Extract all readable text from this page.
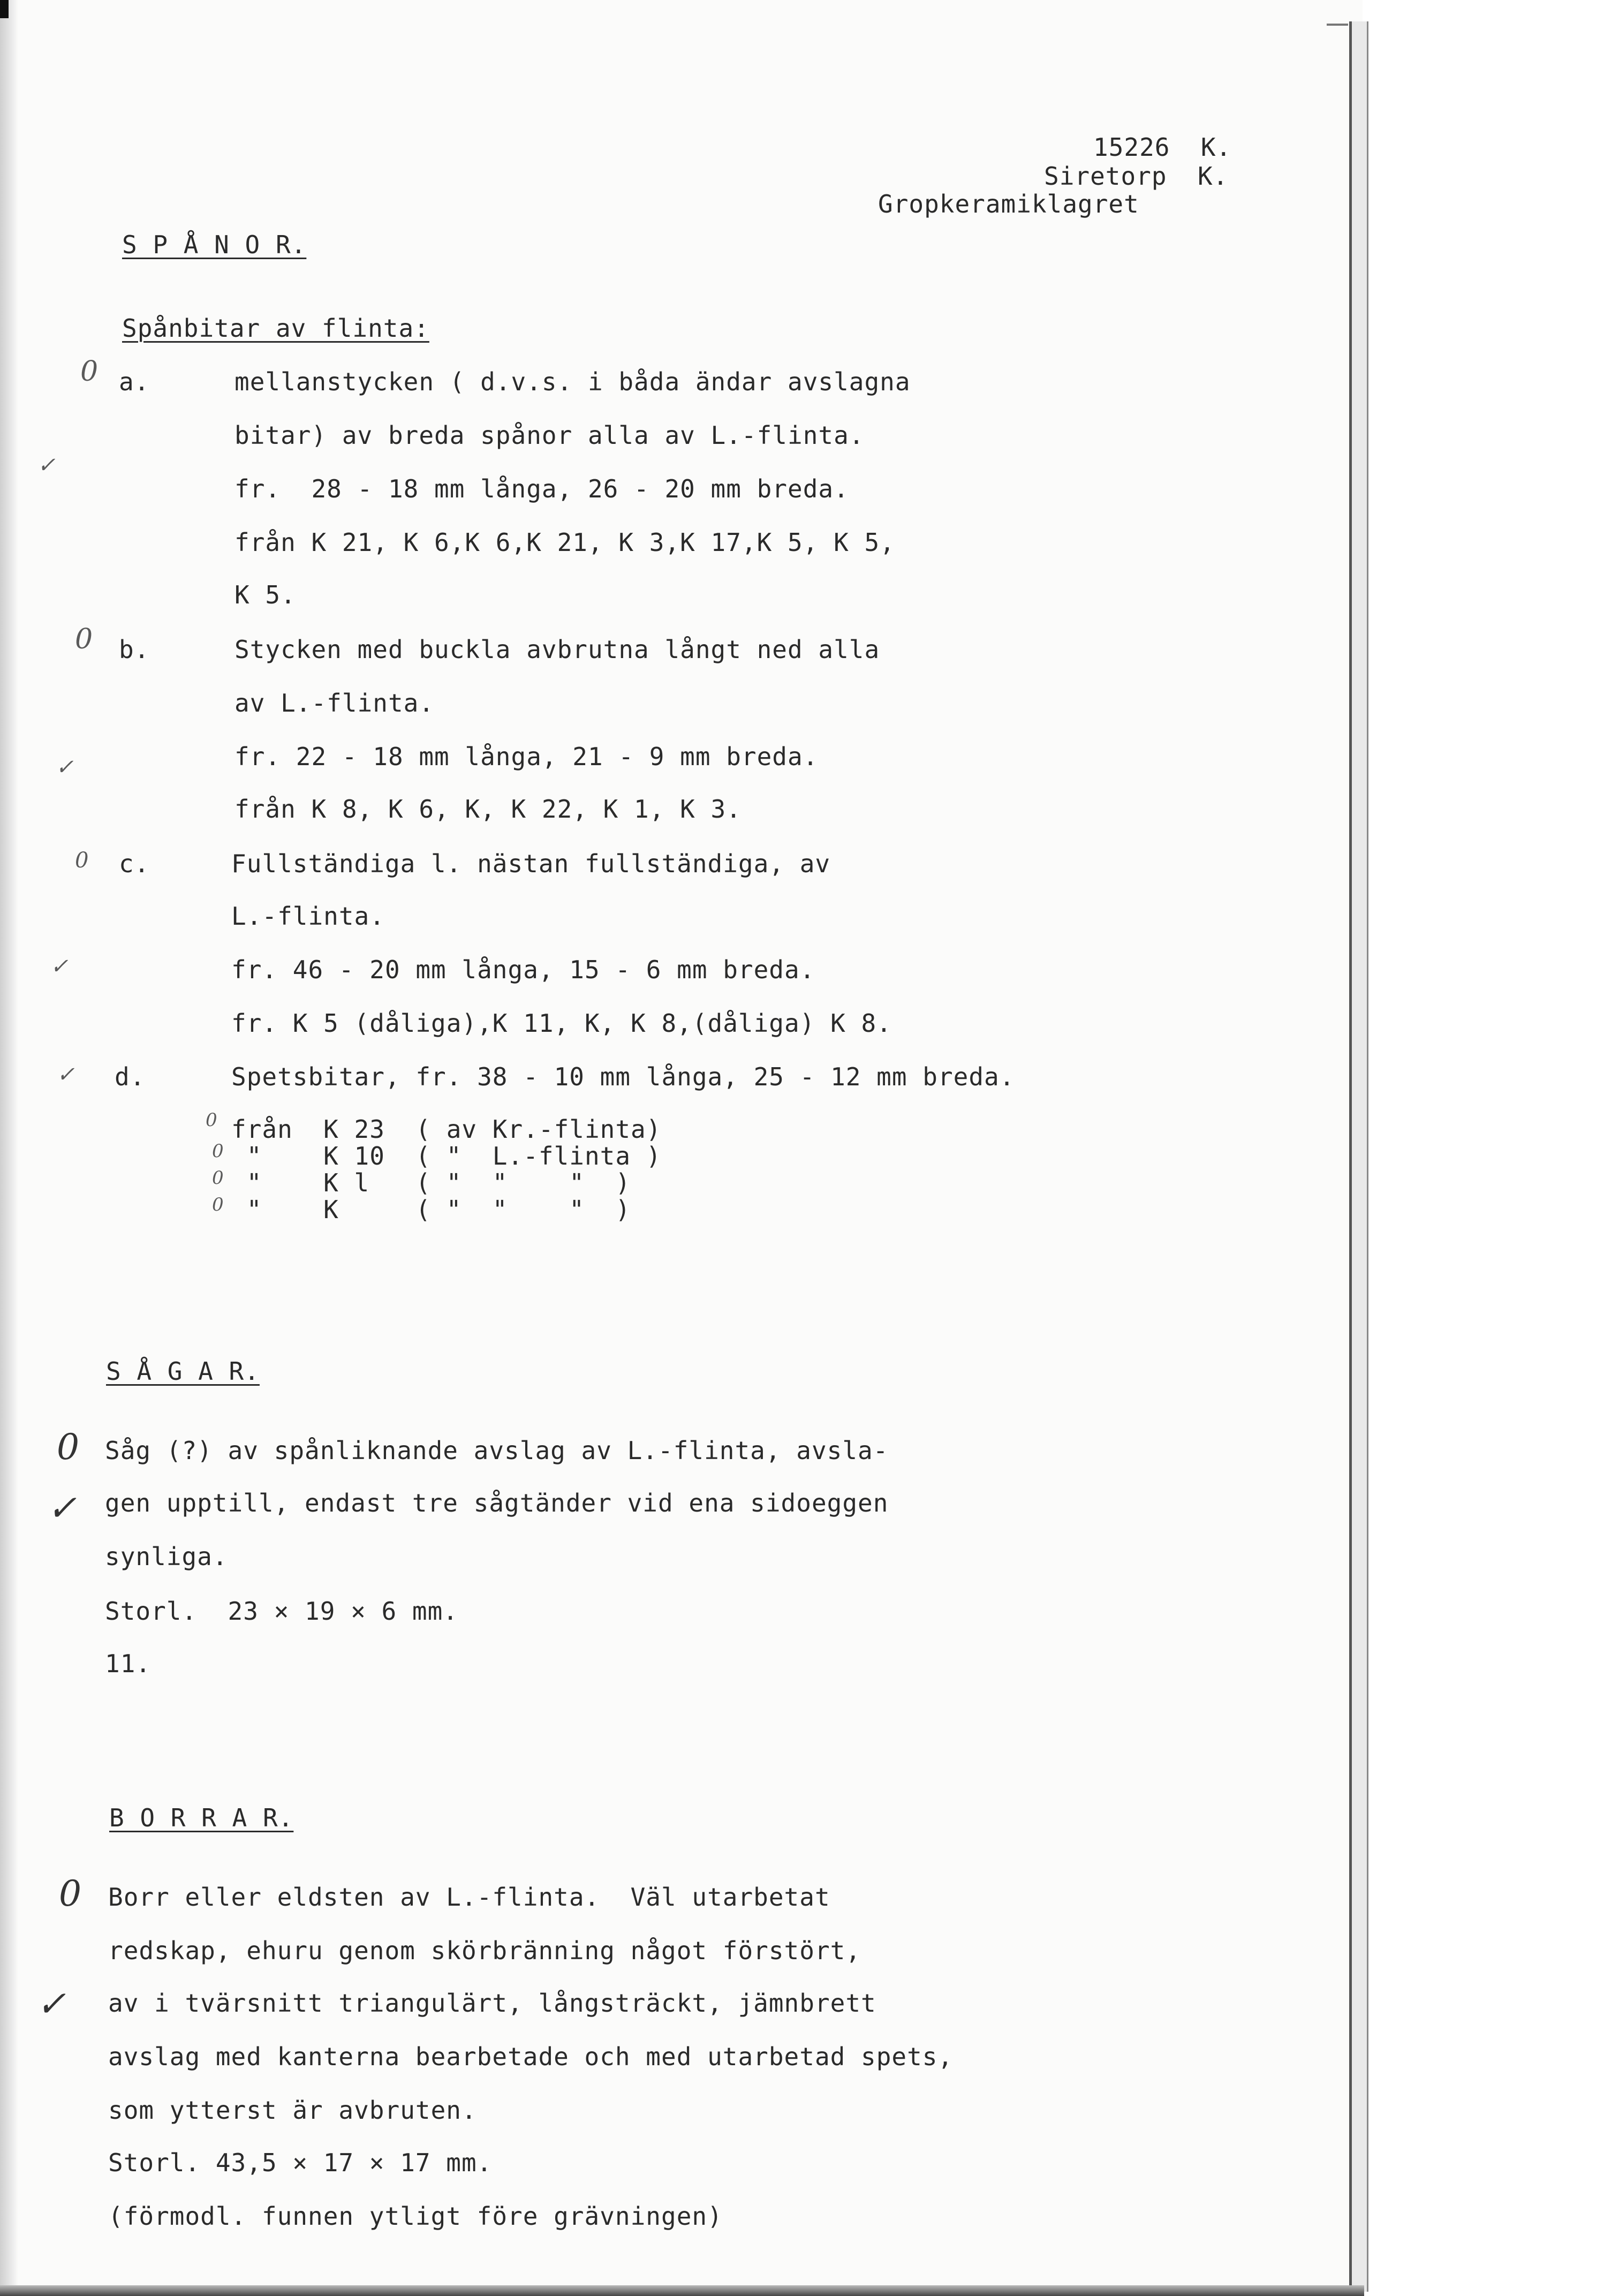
15226  K.
Siretorp  K.
Gropkeramiklagret
S P Å N O R.
Spånbitar av flinta:
0 a.	mellanstycken ( d.v.s. i båda ändar avslagna
bitar) av breda spånor alla av L.-flinta.
✓
fr.  28 - 18 mm långa, 26 - 20 mm breda.
från K 21, K 6,K 6,K 21, K 3,K 17,K 5, K 5,
K 5.
0 b.	Stycken med buckla avbrutna långt ned alla
av L.-flinta.
✓	fr. 22 - 18 mm långa, 21 - 9 mm breda.
från K 8, K 6, K, K 22, K 1, K 3.
0 c.	Fullständiga l. nästan fullständiga, av
L.-flinta.
✓	fr. 46 - 20 mm långa, 15 - 6 mm breda.
fr. K 5 (dåliga),K 11, K, K 8,(dåliga) K 8.
✓ d.	Spetsbitar, fr. 38 - 10 mm långa, 25 - 12 mm breda.
0 från  K 23  ( av Kr.-flinta)
0 "    K 10  ( "  L.-flinta )
0 "    K l   ( "  "    "  )
0 "    K     ( "  "    "  )
S Å G A R.
0 Såg (?) av spånliknande avslag av L.-flinta, avsla-
✓ gen upptill, endast tre sågtänder vid ena sidoeggen
synliga.
Storl.  23 × 19 × 6 mm.
11.
B O R R A R.
0 Borr eller eldsten av L.-flinta.  Väl utarbetat
redskap, ehuru genom skörbränning något förstört,
✓ av i tvärsnitt triangulärt, långsträckt, jämnbrett
avslag med kanterna bearbetade och med utarbetad spets,
som ytterst är avbruten.
Storl. 43,5 × 17 × 17 mm.
(förmodl. funnen ytligt före grävningen)
